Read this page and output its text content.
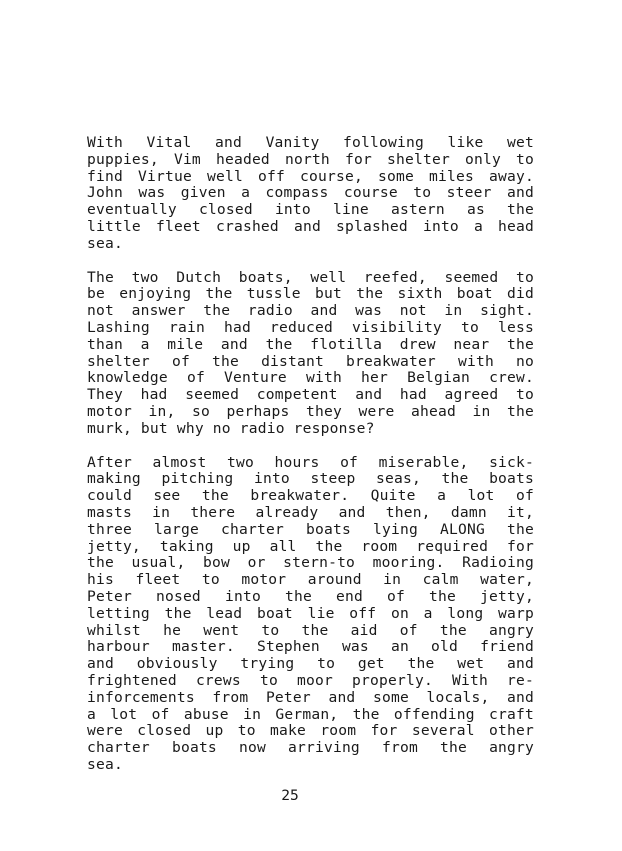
With Vital and Vanity following like wet
puppies, Vim headed north for shelter only to
find Virtue well off course, some miles away.
John was given a compass course to steer and
eventually closed into line astern as the
little fleet crashed and splashed into a head
sea.

The two Dutch boats, well reefed, seemed to
be enjoying the tussle but the sixth boat did
not answer the radio and was not in sight.
Lashing rain had reduced visibility to less
than a mile and the flotilla drew near the
shelter of the distant breakwater with no
knowledge of Venture with her Belgian crew.
They had seemed competent and had agreed to
motor in, so perhaps they were ahead in the
murk, but why no radio response?

After almost two hours of miserable, sick-
making pitching into steep seas, the boats
could see the breakwater. Quite a lot of
masts in there already and then, damn it,
three large charter boats lying ALONG the
jetty, taking up all the room required for
the usual, bow or stern-to mooring. Radioing
his fleet to motor around in calm water,
Peter nosed into the end of the jetty,
letting the lead boat lie off on a long warp
whilst he went to the aid of the angry
harbour master. Stephen was an old friend
and obviously trying to get the wet and
frightened crews to moor properly. With re-
inforcements from Peter and some locals, and
a lot of abuse in German, the offending craft
were closed up to make room for several other
charter boats now arriving from the angry
sea.

25
